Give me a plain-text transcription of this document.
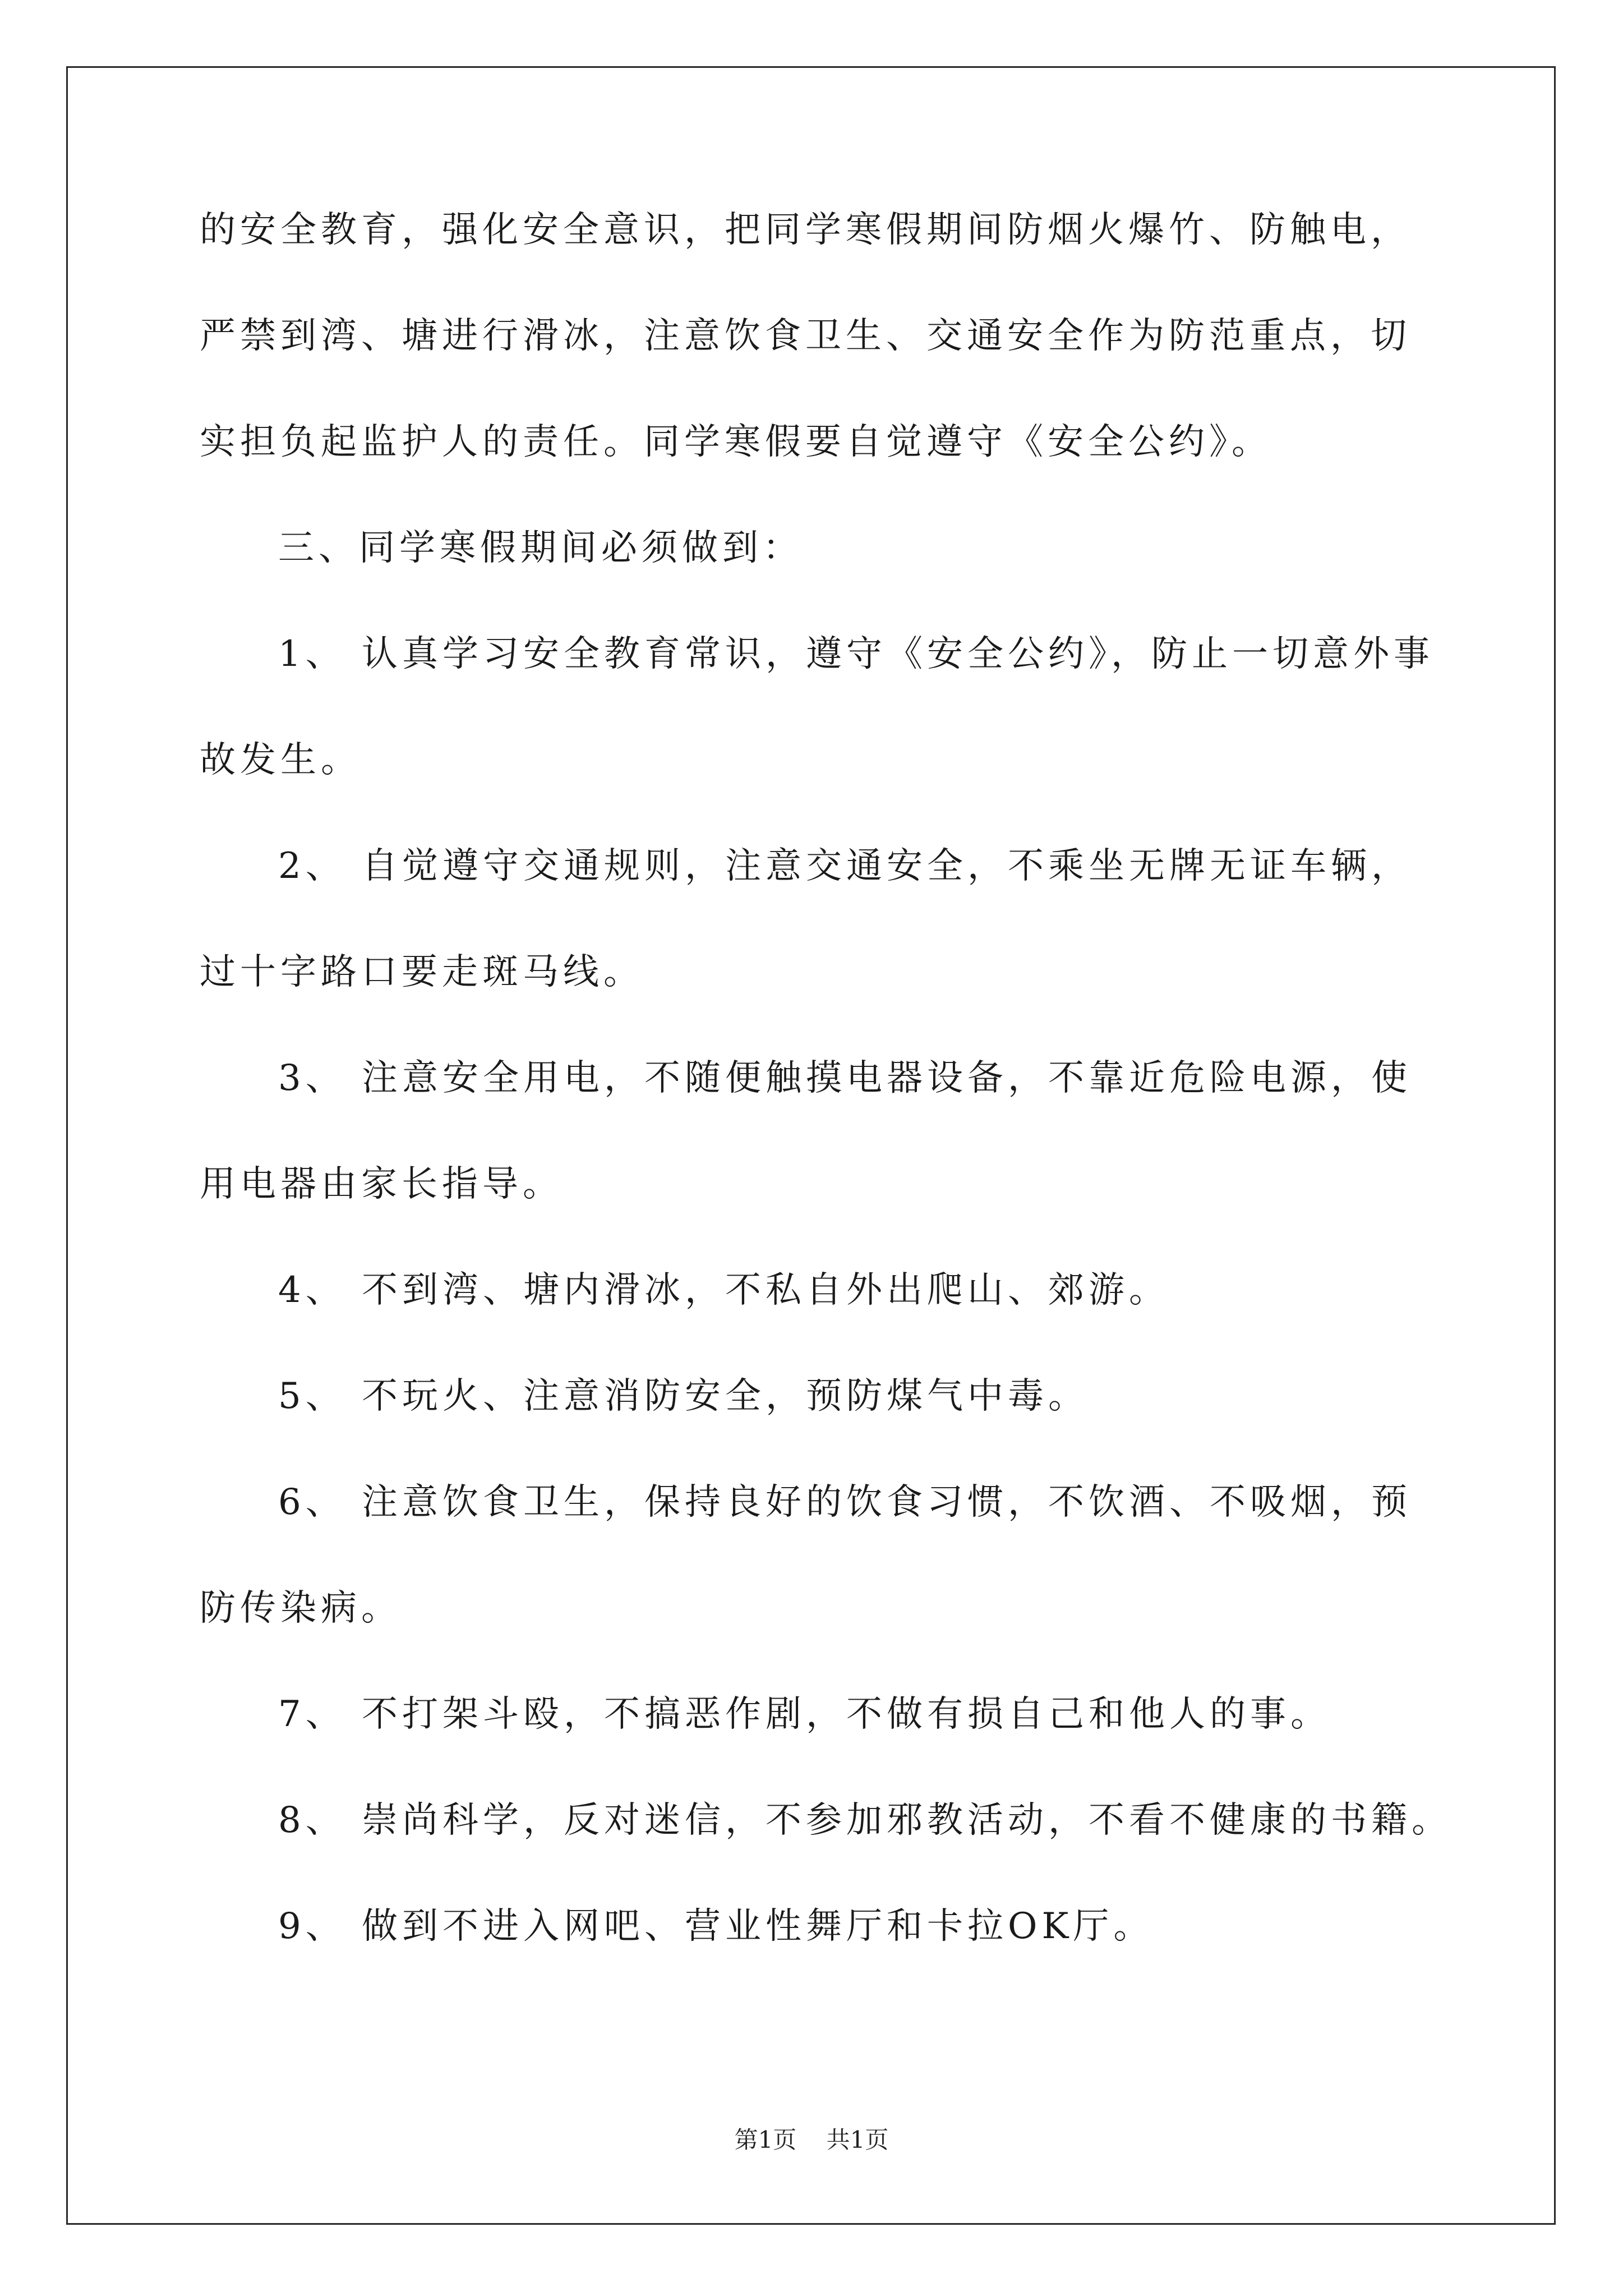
的安全教育，强化安全意识，把同学寒假期间防烟火爆竹、防触电，
严禁到湾、塘进行滑冰，注意饮食卫生、交通安全作为防范重点，切
实担负起监护人的责任。同学寒假要自觉遵守《安全公约》。
三、同学寒假期间必须做到：
1、 认真学习安全教育常识，遵守《安全公约》，防止一切意外事
故发生。
2、 自觉遵守交通规则，注意交通安全，不乘坐无牌无证车辆，
过十字路口要走斑马线。
3、 注意安全用电，不随便触摸电器设备，不靠近危险电源，使
用电器由家长指导。
4、 不到湾、塘内滑冰，不私自外出爬山、郊游。
5、 不玩火、注意消防安全，预防煤气中毒。
6、 注意饮食卫生，保持良好的饮食习惯，不饮酒、不吸烟，预
防传染病。
7、 不打架斗殴，不搞恶作剧，不做有损自己和他人的事。
8、 崇尚科学，反对迷信，不参加邪教活动，不看不健康的书籍。
9、 做到不进入网吧、营业性舞厅和卡拉OK厅。
第1页 共1页
